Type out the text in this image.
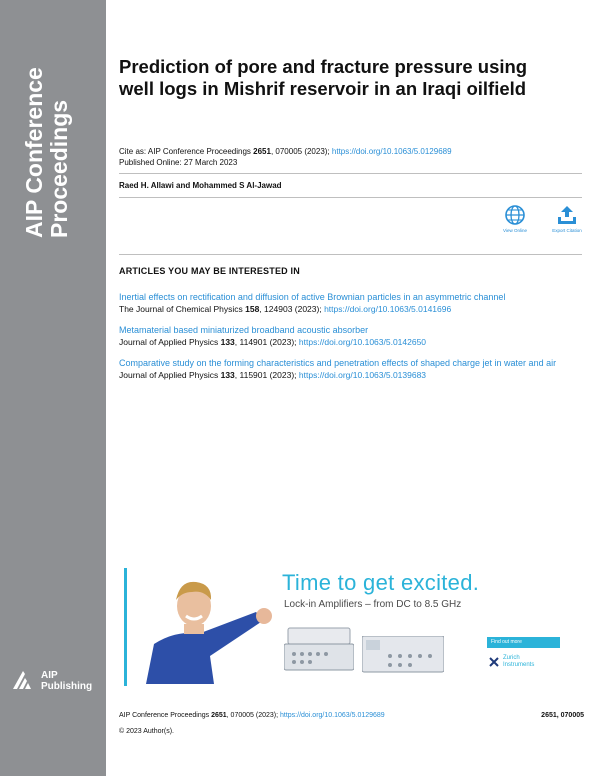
AIP Conference Proceedings
AIP
Publishing
Prediction of pore and fracture pressure using well logs in Mishrif reservoir in an Iraqi oilfield
Cite as: AIP Conference Proceedings 2651, 070005 (2023); https://doi.org/10.1063/5.0129689
Published Online: 27 March 2023
Raed H. Allawi and Mohammed S Al-Jawad
View Online	Export Citation
ARTICLES YOU MAY BE INTERESTED IN
Inertial effects on rectification and diffusion of active Brownian particles in an asymmetric channel
The Journal of Chemical Physics 158, 124903 (2023); https://doi.org/10.1063/5.0141696
Metamaterial based miniaturized broadband acoustic absorber
Journal of Applied Physics 133, 114901 (2023); https://doi.org/10.1063/5.0142650
Comparative study on the forming characteristics and penetration effects of shaped charge jet in water and air
Journal of Applied Physics 133, 115901 (2023); https://doi.org/10.1063/5.0139683
Time to get excited.
Lock-in Amplifiers – from DC to 8.5 GHz
Find out more
Zurich
Instruments
AIP Conference Proceedings 2651, 070005 (2023); https://doi.org/10.1063/5.0129689	2651, 070005
© 2023 Author(s).
